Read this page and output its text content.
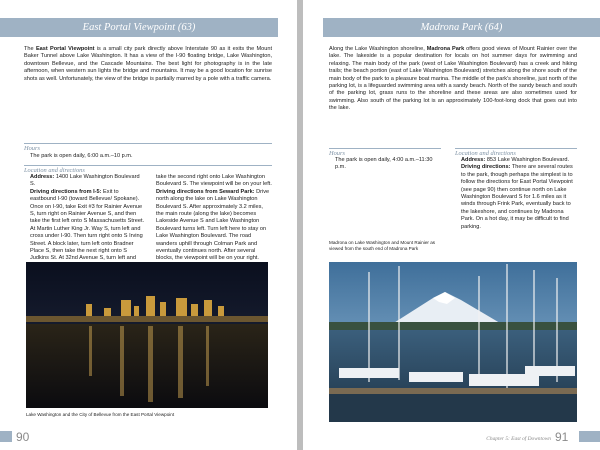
East Portal Viewpoint (63)
The East Portal Viewpoint is a small city park directly above Interstate 90 as it exits the Mount Baker Tunnel above Lake Washington. It has a view of the I-90 floating bridge, Lake Washington, downtown Bellevue, and the Cascade Mountains. The best light for photography is in the late afternoon, when western sun lights the bridge and mountains. It may be a good location for sunrise shots as well. Unfortunately, the view of the bridge is partially marred by a pole with a traffic camera.
Hours
The park is open daily, 6:00 a.m.–10 p.m.
Location and directions
Address: 1400 Lake Washington Boulevard S.
Driving directions from I-5: Exit to eastbound I-90 (toward Bellevue/ Spokane). Once on I-90, take Exit #3 for Rainier Avenue S, turn right on Rainier Avenue S, and then take the first left onto S Massachusetts Street. At Martin Luther King Jr. Way S, turn left and cross under I-90. Then turn right onto S Irving Street. A block later, turn left onto Bradner Place S, then take the next right onto S Judkins St. At 32nd Avenue S, turn left and
take the second right onto Lake Washington Boulevard S. The viewpoint will be on your left.
Driving directions from Seward Park: Drive north along the lake on Lake Washington Boulevard S. After approximately 3.2 miles, the main route (along the lake) becomes Lakeside Avenue S and Lake Washington Boulevard turns left. Turn left here to stay on Lake Washington Boulevard. The road wanders uphill through Colman Park and eventually continues north. After several blocks, the viewpoint will be on your right.
Lake Washington and the City of Bellevue from the East Portal Viewpoint
90
Madrona Park (64)
Along the Lake Washington shoreline, Madrona Park offers good views of Mount Rainier over the lake. The lakeside is a popular destination for locals on hot summer days for swimming and relaxing. The main body of the park (west of Lake Washington Boulevard) has a creek and hiking trails; the beach portion (east of Lake Washington Boulevard) stretches along the shore south of the main body of the park to a pleasure boat marina. The middle of the park's shoreline, just north of the parking lot, is a lifeguarded swimming area with a sandy beach. North of the sandy beach and south of the parking lot, grass runs to the shoreline and these areas are also sometimes used for swimming. Also south of the parking lot is an approximately 100-foot-long dock that goes out into the lake.
Hours
The park is open daily, 4:00 a.m.–11:30 p.m.
Location and directions
Address: 853 Lake Washington Boulevard.
Driving directions: There are several routes to the park, though perhaps the simplest is to follow the directions for East Portal Viewpoint (see page 90) then continue north on Lake Washington Boulevard S for 1.6 miles as it winds through Frink Park, eventually back to the lakeshore, and continues by Madrona Park. On a hot day, it may be difficult to find parking.
Madrona on Lake Washington and Mount Rainier as viewed from the south end of Madrona Park
Chapter 5: East of Downtown 91
